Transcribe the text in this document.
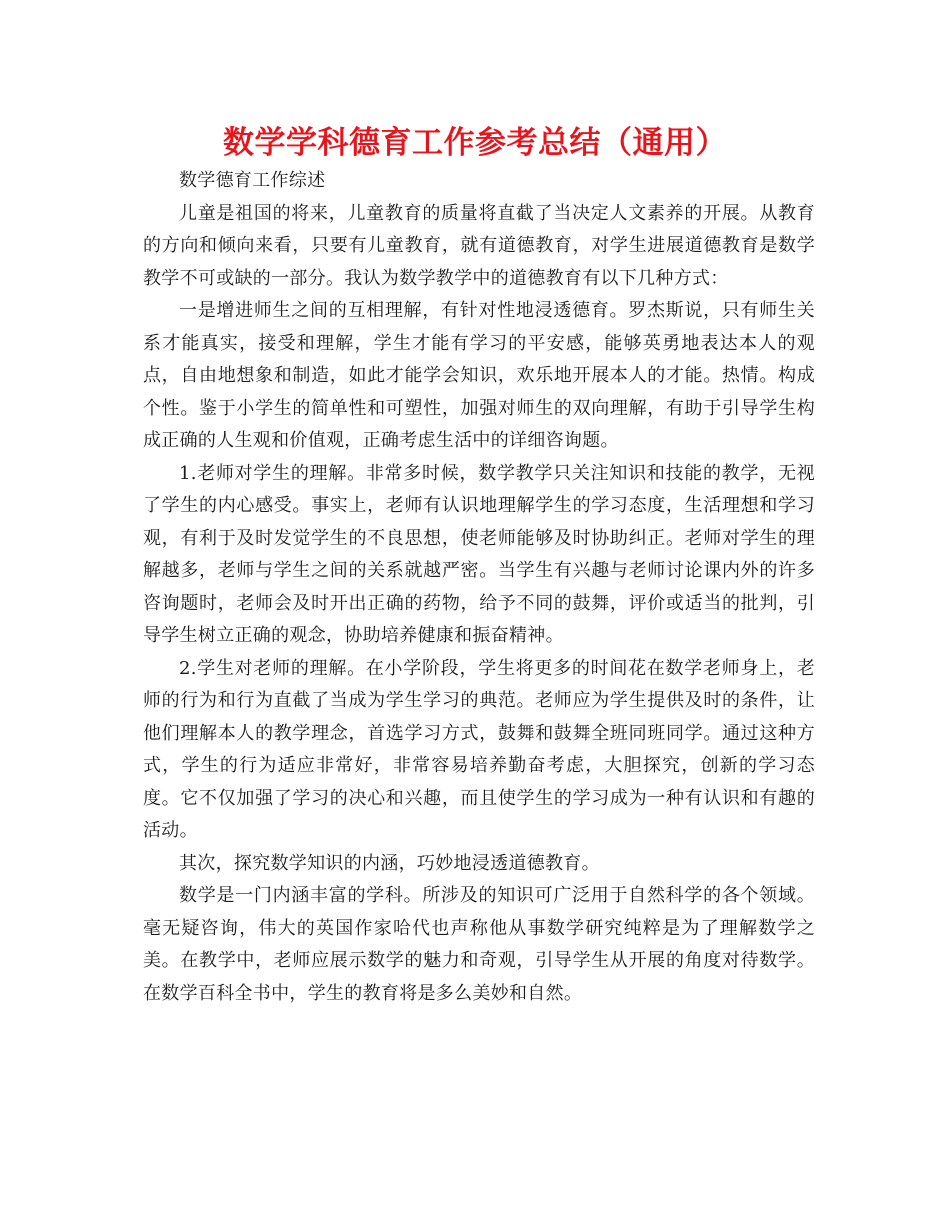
数学学科德育工作参考总结（通用）

数学德育工作综述

儿童是祖国的将来，儿童教育的质量将直截了当决定人文素养的开展。从教育的方向和倾向来看，只要有儿童教育，就有道德教育，对学生进展道德教育是数学教学不可或缺的一部分。我认为数学教学中的道德教育有以下几种方式：

一是增进师生之间的互相理解，有针对性地浸透德育。罗杰斯说，只有师生关系才能真实，接受和理解，学生才能有学习的平安感，能够英勇地表达本人的观点，自由地想象和制造，如此才能学会知识，欢乐地开展本人的才能。热情。构成个性。鉴于小学生的简单性和可塑性，加强对师生的双向理解，有助于引导学生构成正确的人生观和价值观，正确考虑生活中的详细咨询题。

1.老师对学生的理解。非常多时候，数学教学只关注知识和技能的教学，无视了学生的内心感受。事实上，老师有认识地理解学生的学习态度，生活理想和学习观，有利于及时发觉学生的不良思想，使老师能够及时协助纠正。老师对学生的理解越多，老师与学生之间的关系就越严密。当学生有兴趣与老师讨论课内外的许多咨询题时，老师会及时开出正确的药物，给予不同的鼓舞，评价或适当的批判，引导学生树立正确的观念，协助培养健康和振奋精神。

2.学生对老师的理解。在小学阶段，学生将更多的时间花在数学老师身上，老师的行为和行为直截了当成为学生学习的典范。老师应为学生提供及时的条件，让他们理解本人的教学理念，首选学习方式，鼓舞和鼓舞全班同班同学。通过这种方式，学生的行为适应非常好，非常容易培养勤奋考虑，大胆探究，创新的学习态度。它不仅加强了学习的决心和兴趣，而且使学生的学习成为一种有认识和有趣的活动。

其次，探究数学知识的内涵，巧妙地浸透道德教育。

数学是一门内涵丰富的学科。所涉及的知识可广泛用于自然科学的各个领域。毫无疑咨询，伟大的英国作家哈代也声称他从事数学研究纯粹是为了理解数学之美。在教学中，老师应展示数学的魅力和奇观，引导学生从开展的角度对待数学。在数学百科全书中，学生的教育将是多么美妙和自然。
